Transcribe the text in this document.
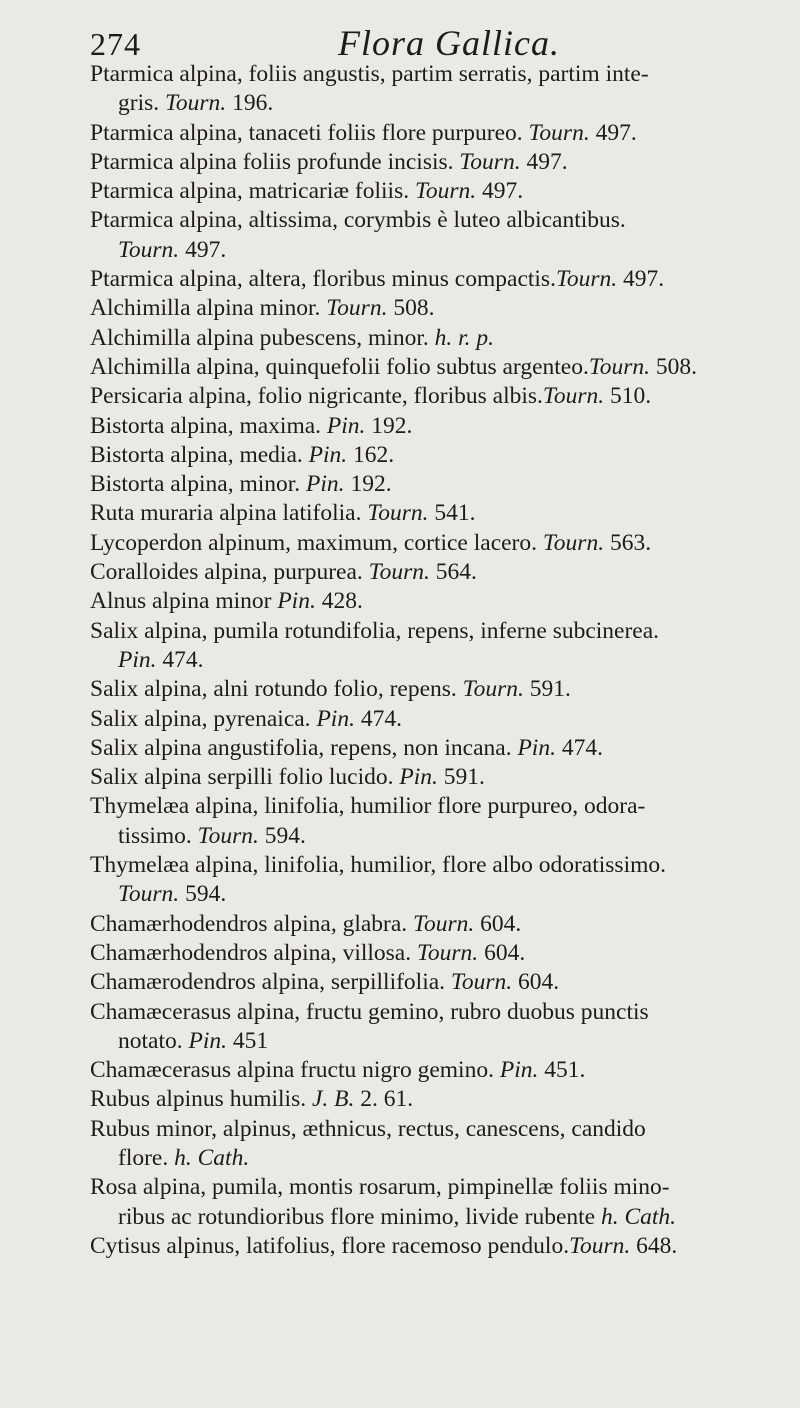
274	Flora Gallica.
Ptarmica alpina, foliis angustis, partim serratis, partim inte-
gris. Tourn. 196.
Ptarmica alpina, tanaceti foliis flore purpureo. Tourn. 497.
Ptarmica alpina foliis profunde incisis. Tourn. 497.
Ptarmica alpina, matricariæ foliis. Tourn. 497.
Ptarmica alpina, altissima, corymbis è luteo albicantibus.
Tourn. 497.
Ptarmica alpina, altera, floribus minus compactis.Tourn. 497.
Alchimilla alpina minor. Tourn. 508.
Alchimilla alpina pubescens, minor. h. r. p.
Alchimilla alpina, quinquefolii folio subtus argenteo.Tourn. 508.
Persicaria alpina, folio nigricante, floribus albis.Tourn. 510.
Bistorta alpina, maxima. Pin. 192.
Bistorta alpina, media. Pin. 162.
Bistorta alpina, minor. Pin. 192.
Ruta muraria alpina latifolia. Tourn. 541.
Lycoperdon alpinum, maximum, cortice lacero. Tourn. 563.
Coralloides alpina, purpurea. Tourn. 564.
Alnus alpina minor Pin. 428.
Salix alpina, pumila rotundifolia, repens, inferne subcinerea.
Pin. 474.
Salix alpina, alni rotundo folio, repens. Tourn. 591.
Salix alpina, pyrenaica. Pin. 474.
Salix alpina angustifolia, repens, non incana. Pin. 474.
Salix alpina serpilli folio lucido. Pin. 591.
Thymelæa alpina, linifolia, humilior flore purpureo, odora-
tissimo. Tourn. 594.
Thymelæa alpina, linifolia, humilior, flore albo odoratissimo.
Tourn. 594.
Chamærhodendros alpina, glabra. Tourn. 604.
Chamærhodendros alpina, villosa. Tourn. 604.
Chamærodendros alpina, serpillifolia. Tourn. 604.
Chamæcerasus alpina, fructu gemino, rubro duobus punctis
notato. Pin. 451
Chamæcerasus alpina fructu nigro gemino. Pin. 451.
Rubus alpinus humilis. J. B. 2. 61.
Rubus minor, alpinus, æthnicus, rectus, canescens, candido
flore. h. Cath.
Rosa alpina, pumila, montis rosarum, pimpinellæ foliis mino-
ribus ac rotundioribus flore minimo, livide rubente h. Cath.
Cytisus alpinus, latifolius, flore racemoso pendulo.Tourn. 648.
